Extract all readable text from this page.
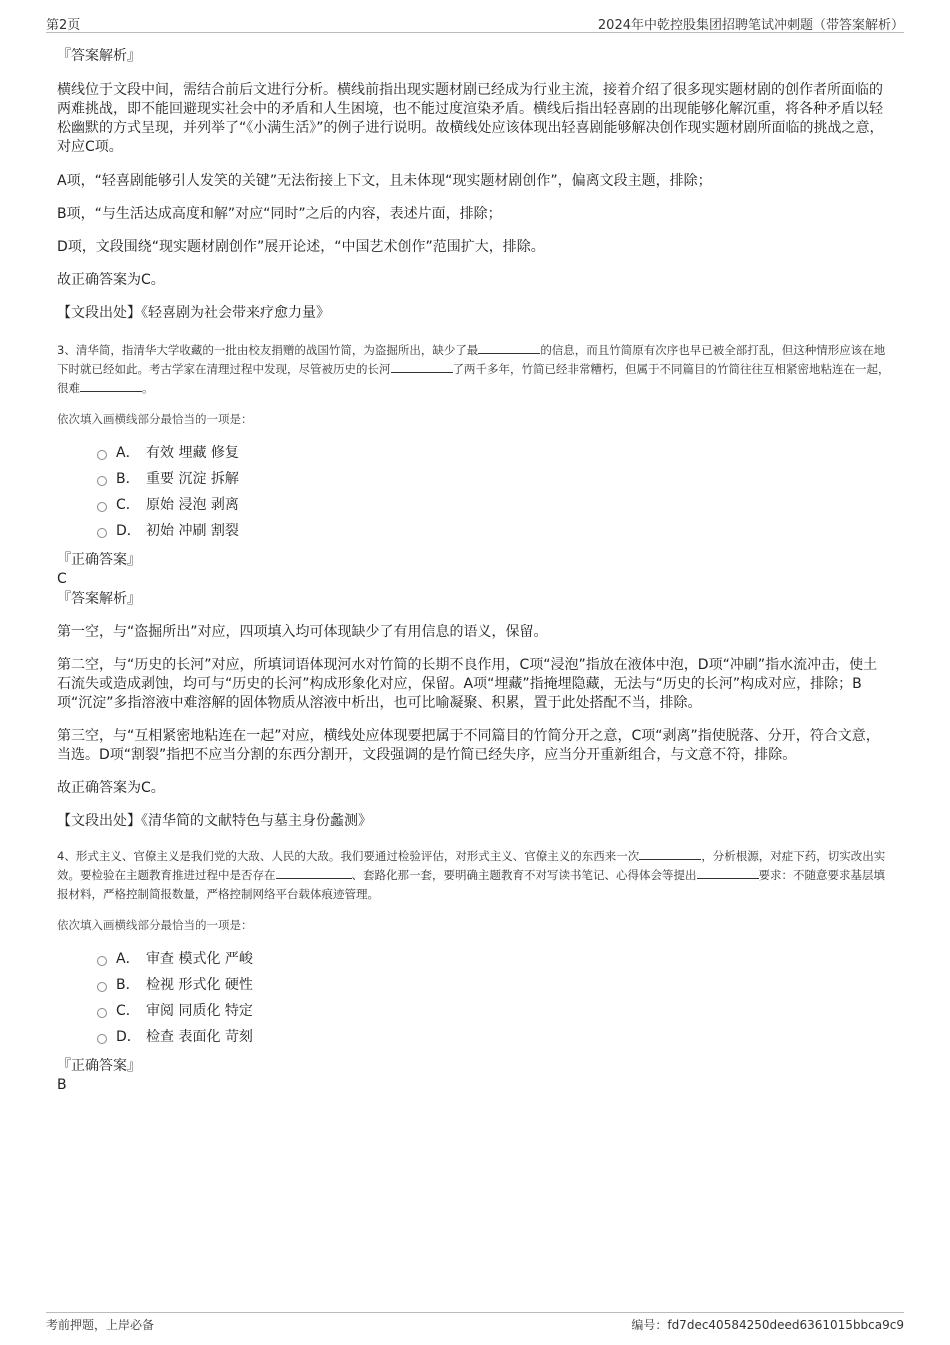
第2页	2024年中乾控股集团招聘笔试冲刺题（带答案解析）

『答案解析』

横线位于文段中间，需结合前后文进行分析。横线前指出现实题材剧已经成为行业主流，接着介绍了很多现实题材剧的创作者所面临的两难挑战，即不能回避现实社会中的矛盾和人生困境，也不能过度渲染矛盾。横线后指出轻喜剧的出现能够化解沉重，将各种矛盾以轻松幽默的方式呈现，并列举了“《小满生活》”的例子进行说明。故横线处应该体现出轻喜剧能够解决创作现实题材剧所面临的挑战之意，对应C项。

A项，“轻喜剧能够引人发笑的关键”无法衔接上下文，且未体现“现实题材剧创作”，偏离文段主题，排除；

B项，“与生活达成高度和解”对应“同时”之后的内容，表述片面，排除；

D项，文段围绕“现实题材剧创作”展开论述，“中国艺术创作”范围扩大，排除。

故正确答案为C。

【文段出处】《轻喜剧为社会带来疗愈力量》

3、清华简，指清华大学收藏的一批由校友捐赠的战国竹简，为盗掘所出，缺少了最	的信息，而且竹简原有次序也早已被全部打乱，但这种情形应该在地下时就已经如此。考古学家在清理过程中发现，尽管被历史的长河	了两千多年，竹简已经非常糟朽，但属于不同篇目的竹简往往互相紧密地粘连在一起，很难	。

依次填入画横线部分最恰当的一项是：

A． 有效 埋藏 修复
B． 重要 沉淀 拆解
C． 原始 浸泡 剥离
D． 初始 冲刷 割裂

『正确答案』

C

『答案解析』

第一空，与“盗掘所出”对应，四项填入均可体现缺少了有用信息的语义，保留。

第二空，与“历史的长河”对应，所填词语体现河水对竹简的长期不良作用，C项“浸泡”指放在液体中泡，D项“冲刷”指水流冲击，使土石流失或造成剥蚀，均可与“历史的长河”构成形象化对应，保留。A项“埋藏”指掩埋隐藏，无法与“历史的长河”构成对应，排除；B项“沉淀”多指溶液中难溶解的固体物质从溶液中析出，也可比喻凝聚、积累，置于此处搭配不当，排除。

第三空，与“互相紧密地粘连在一起”对应，横线处应体现要把属于不同篇目的竹简分开之意，C项“剥离”指使脱落、分开，符合文意，当选。D项“割裂”指把不应当分割的东西分割开，文段强调的是竹简已经失序，应当分开重新组合，与文意不符，排除。

故正确答案为C。

【文段出处】《清华简的文献特色与墓主身份蠡测》

4、形式主义、官僚主义是我们党的大敌、人民的大敌。我们要通过检验评估，对形式主义、官僚主义的东西来一次	，分析根源，对症下药，切实改出实效。要检验在主题教育推进过程中是否存在	、套路化那一套，要明确主题教育不对写读书笔记、心得体会等提出	要求：不随意要求基层填报材料，严格控制简报数量，严格控制网络平台载体痕迹管理。

依次填入画横线部分最恰当的一项是：

A． 审查 模式化 严峻
B． 检视 形式化 硬性
C． 审阅 同质化 特定
D． 检查 表面化 苛刻

『正确答案』

B

考前押题，上岸必备	编号：fd7dec40584250deed6361015bbca9c9
